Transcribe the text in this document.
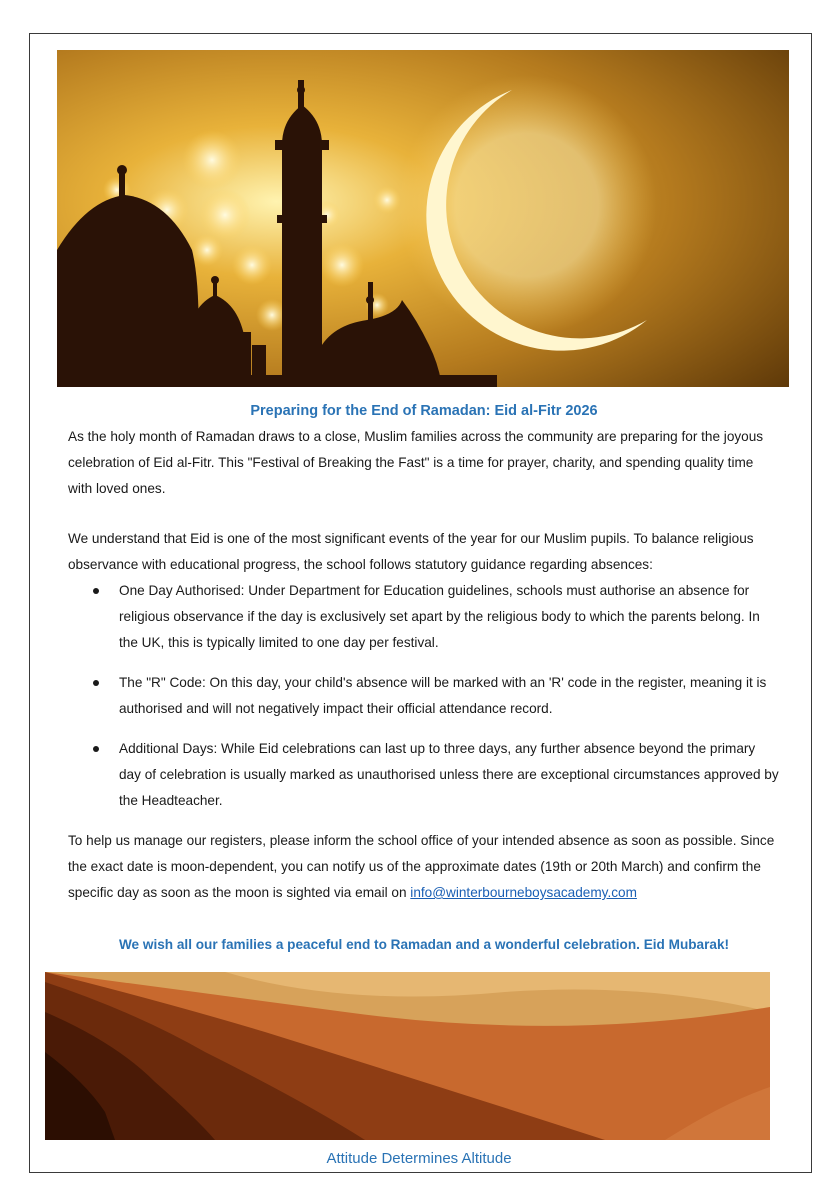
Preparing for the End of Ramadan: Eid al-Fitr 2026

As the holy month of Ramadan draws to a close, Muslim families across the community are preparing for the joyous celebration of Eid al-Fitr. This "Festival of Breaking the Fast" is a time for prayer, charity, and spending quality time with loved ones.

We understand that Eid is one of the most significant events of the year for our Muslim pupils. To balance religious observance with educational progress, the school follows statutory guidance regarding absences:

One Day Authorised: Under Department for Education guidelines, schools must authorise an absence for religious observance if the day is exclusively set apart by the religious body to which the parents belong. In the UK, this is typically limited to one day per festival.
The "R" Code: On this day, your child's absence will be marked with an 'R' code in the register, meaning it is authorised and will not negatively impact their official attendance record.
Additional Days: While Eid celebrations can last up to three days, any further absence beyond the primary day of celebration is usually marked as unauthorised unless there are exceptional circumstances approved by the Headteacher.

To help us manage our registers, please inform the school office of your intended absence as soon as possible. Since the exact date is moon-dependent, you can notify us of the approximate dates (19th or 20th March) and confirm the specific day as soon as the moon is sighted via email on info@winterbourneboysacademy.com

We wish all our families a peaceful end to Ramadan and a wonderful celebration. Eid Mubarak!

Attitude Determines Altitude
